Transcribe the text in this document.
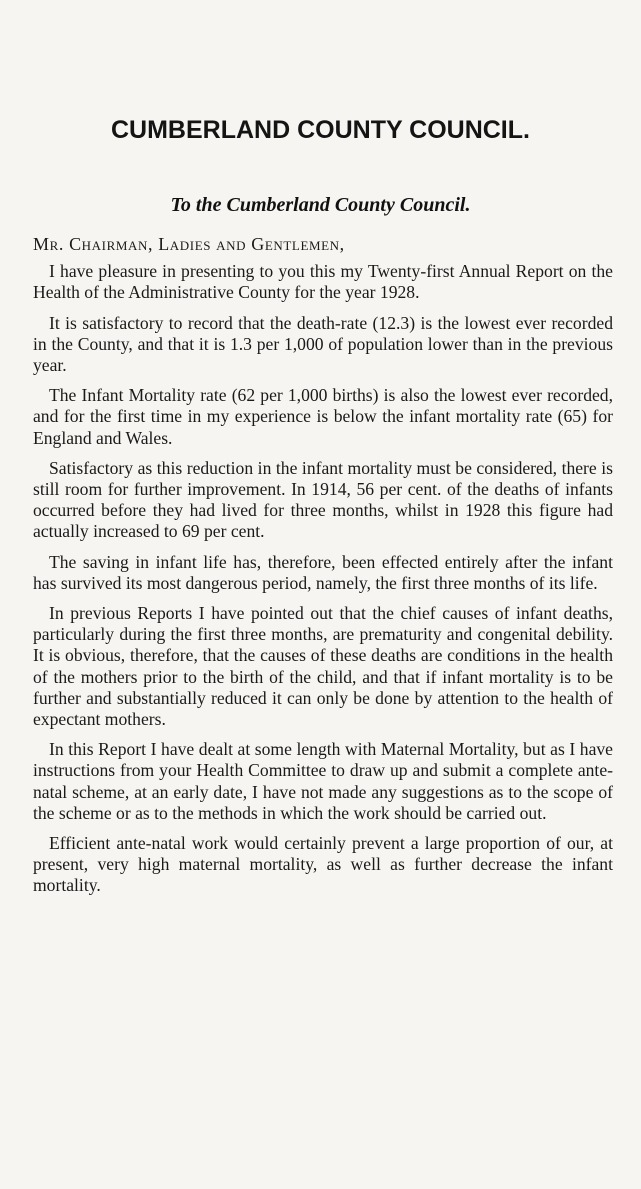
CUMBERLAND COUNTY COUNCIL.
To the Cumberland County Council.

Mr. Chairman, Ladies and Gentlemen,

I have pleasure in presenting to you this my Twenty-first Annual Report on the Health of the Administrative County for the year 1928.

It is satisfactory to record that the death-rate (12.3) is the lowest ever recorded in the County, and that it is 1.3 per 1,000 of population lower than in the previous year.

The Infant Mortality rate (62 per 1,000 births) is also the lowest ever recorded, and for the first time in my experience is below the infant mortality rate (65) for England and Wales.

Satisfactory as this reduction in the infant mortality must be considered, there is still room for further improvement. In 1914, 56 per cent. of the deaths of infants occurred before they had lived for three months, whilst in 1928 this figure had actually increased to 69 per cent.

The saving in infant life has, therefore, been effected entirely after the infant has survived its most dangerous period, namely, the first three months of its life.

In previous Reports I have pointed out that the chief causes of infant deaths, particularly during the first three months, are prematurity and congenital debility. It is obvious, therefore, that the causes of these deaths are conditions in the health of the mothers prior to the birth of the child, and that if infant mortality is to be further and substantially reduced it can only be done by attention to the health of expectant mothers.

In this Report I have dealt at some length with Maternal Mortality, but as I have instructions from your Health Committee to draw up and submit a complete ante-natal scheme, at an early date, I have not made any suggestions as to the scope of the scheme or as to the methods in which the work should be carried out.

Efficient ante-natal work would certainly prevent a large proportion of our, at present, very high maternal mortality, as well as further decrease the infant mortality.
